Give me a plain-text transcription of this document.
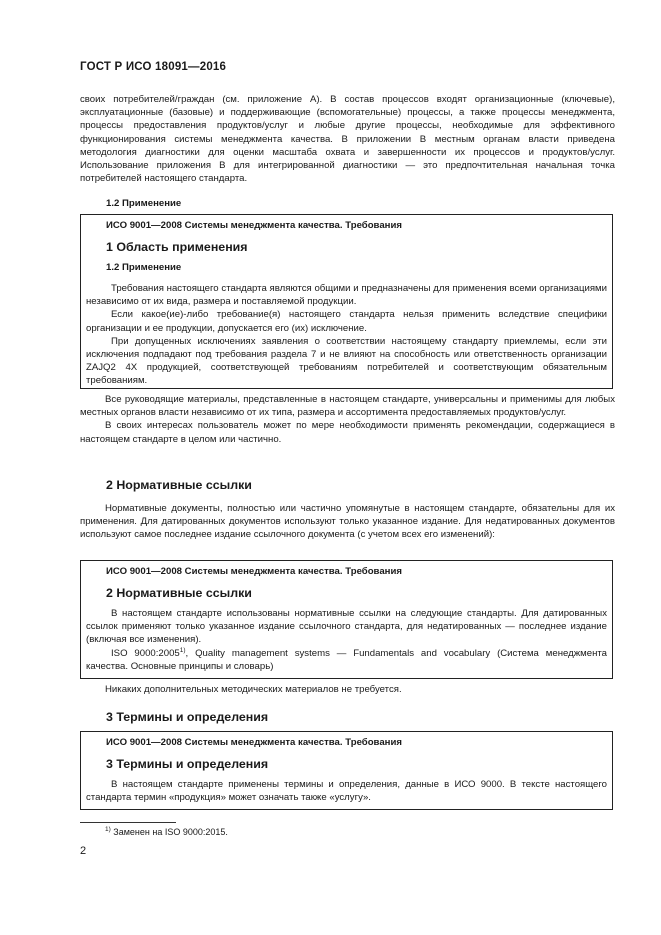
ГОСТ Р ИСО 18091—2016

своих потребителей/граждан (см. приложение А). В состав процессов входят организационные (ключевые), эксплуатационные (базовые) и поддерживающие (вспомогательные) процессы, а также процессы менеджмента, процессы предоставления продуктов/услуг и любые другие процессы, необходимые для эффективного функционирования системы менеджмента качества. В приложении В местным органам власти приведена методология диагностики для оценки масштаба охвата и завершенности их процессов и продуктов/услуг. Использование приложения В для интегрированной диагностики — это предпочтительная начальная точка потребителей настоящего стандарта.

1.2 Применение
ИСО 9001—2008 Системы менеджмента качества. Требования
1 Область применения
1.2 Применение

Требования настоящего стандарта являются общими и предназначены для применения всеми организациями независимо от их вида, размера и поставляемой продукции.

Если какое(ие)-либо требование(я) настоящего стандарта нельзя применить вследствие специфики организации и ее продукции, допускается его (их) исключение.

При допущенных исключениях заявления о соответствии настоящему стандарту приемлемы, если эти исключения подпадают под требования раздела 7 и не влияют на способность или ответственность организации ZAJQ2 4X продукцией, соответствующей требованиям потребителей и соответствующим обязательным требованиям.

Все руководящие материалы, представленные в настоящем стандарте, универсальны и применимы для любых местных органов власти независимо от их типа, размера и ассортимента предоставляемых продуктов/услуг.

В своих интересах пользователь может по мере необходимости применять рекомендации, содержащиеся в настоящем стандарте в целом или частично.

2 Нормативные ссылки

Нормативные документы, полностью или частично упомянутые в настоящем стандарте, обязательны для их применения. Для датированных документов используют только указанное издание. Для недатированных документов используют самое последнее издание ссылочного документа (с учетом всех его изменений):

ИСО 9001—2008 Системы менеджмента качества. Требования
2 Нормативные ссылки

В настоящем стандарте использованы нормативные ссылки на следующие стандарты. Для датированных ссылок применяют только указанное издание ссылочного стандарта, для недатированных — последнее издание (включая все изменения).

ISO 9000:2005$^{1)}$, Quality management systems — Fundamentals and vocabulary (Система менеджмента качества. Основные принципы и словарь)

Никаких дополнительных методических материалов не требуется.

3 Термины и определения
ИСО 9001—2008 Системы менеджмента качества. Требования
3 Термины и определения

В настоящем стандарте применены термины и определения, данные в ИСО 9000. В тексте настоящего стандарта термин «продукция» может означать также «услугу».

$^{1)}$ Заменен на ISO 9000:2015.
2
